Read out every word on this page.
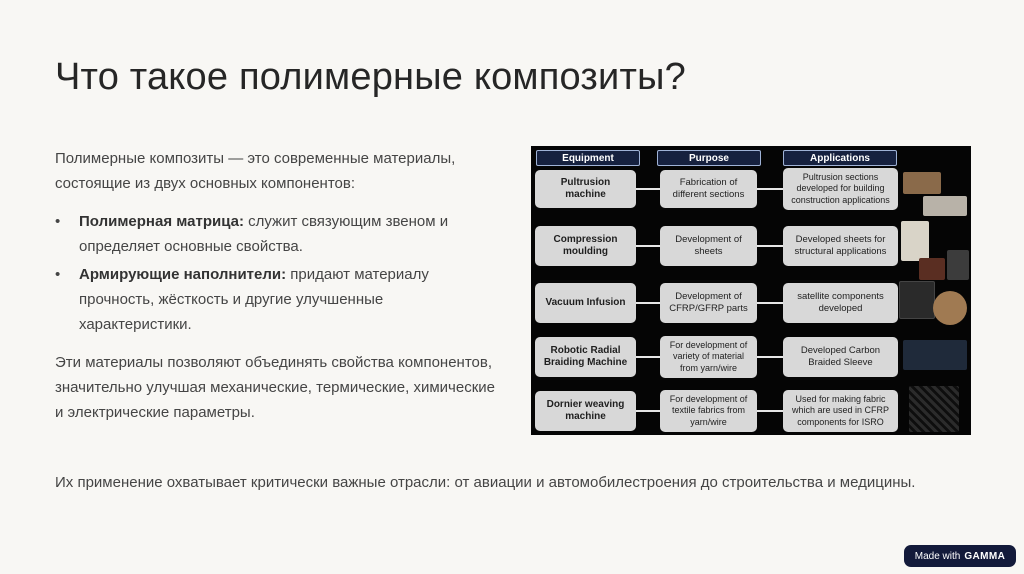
Что такое полимерные композиты?

Полимерные композиты — это современные материалы, состоящие из двух основных компонентов:

• Полимерная матрица: служит связующим звеном и определяет основные свойства.
• Армирующие наполнители: придают материалу прочность, жёсткость и другие улучшенные характеристики.

Эти материалы позволяют объединять свойства компонентов, значительно улучшая механические, термические, химические и электрические параметры.

Equipment	Purpose	Applications
Pultrusion
machine
Fabrication of
different sections
Pultrusion sections
developed for building
construction applications
Compression
moulding
Development of
sheets
Developed sheets for
structural applications
Vacuum Infusion
Development of
CFRP/GFRP parts
satellite components
developed
Robotic Radial
Braiding Machine
For development of
variety of material
from yarn/wire
Developed Carbon
Braided Sleeve
Dornier weaving
machine
For development of
textile fabrics from
yarn/wire
Used for making fabric
which are used in CFRP
components for ISRO

Их применение охватывает критически важные отрасли: от авиации и автомобилестроения до строительства и медицины.

Made with GAMMA
